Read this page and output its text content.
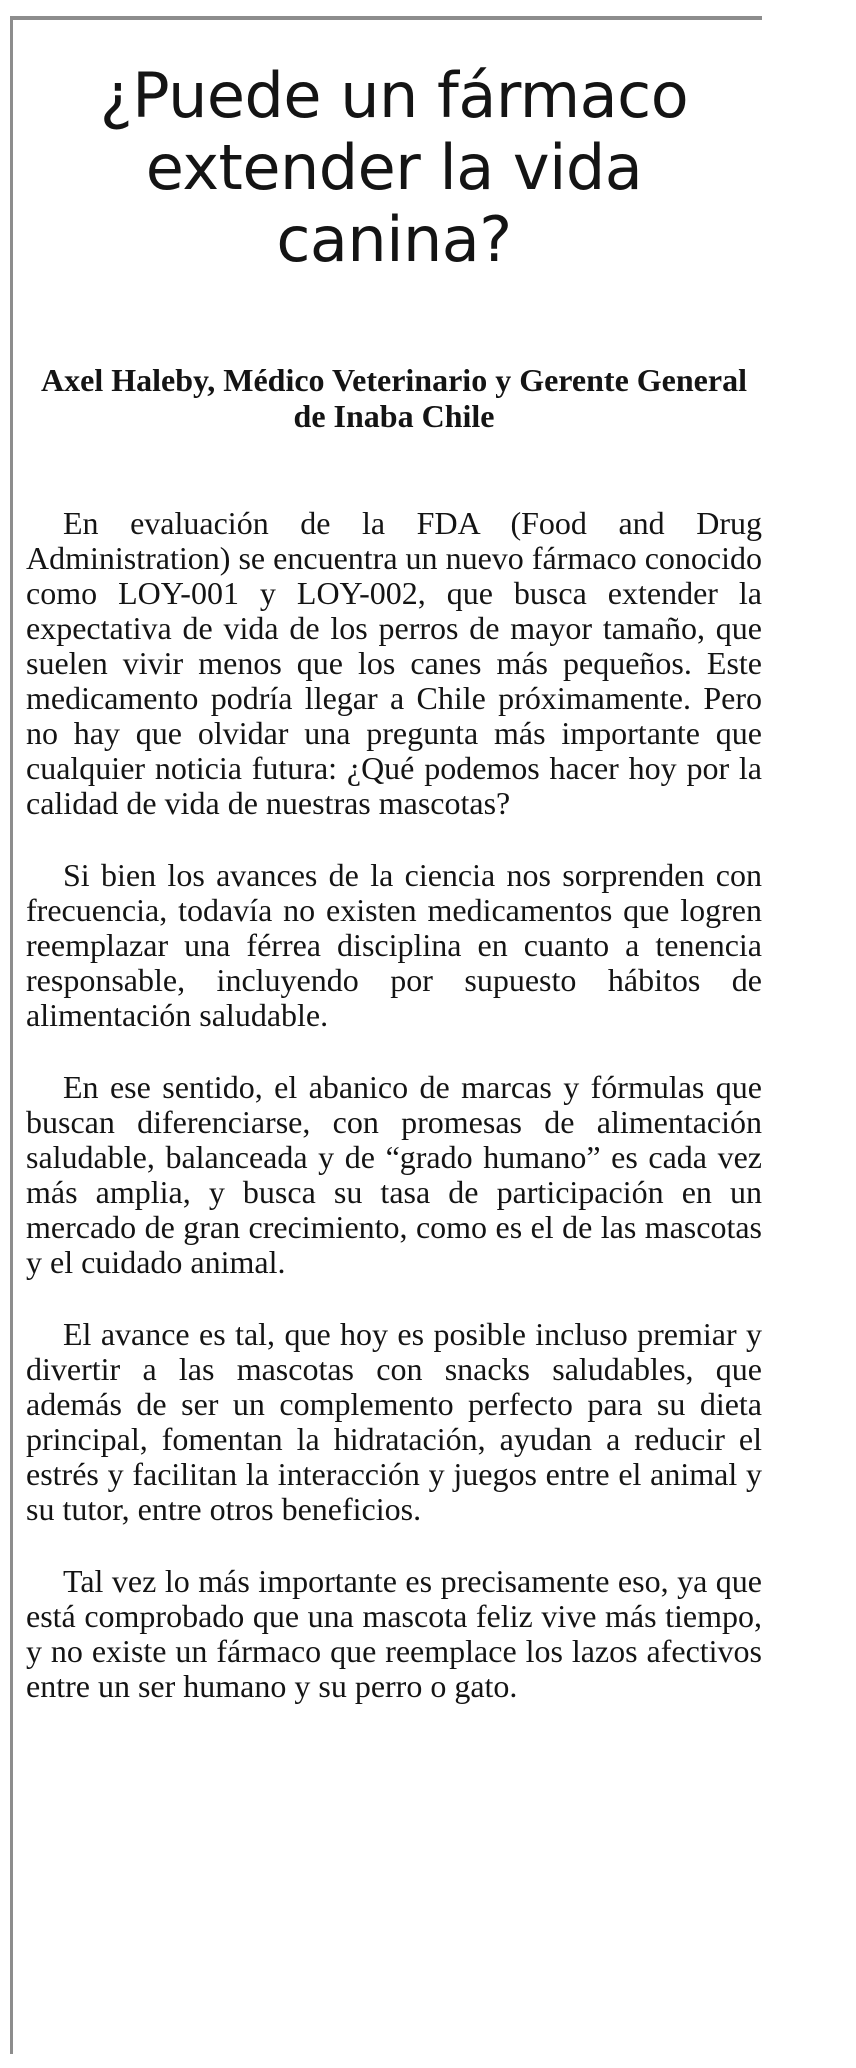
¿Puede un fármaco extender la vida canina?
Axel Haleby, Médico Veterinario y Gerente General de Inaba Chile

En evaluación de la FDA (Food and Drug Administration) se encuentra un nuevo fármaco conocido como LOY-001 y LOY-002, que busca extender la expectativa de vida de los perros de mayor tamaño, que suelen vivir menos que los canes más pequeños. Este medicamento podría llegar a Chile próximamente. Pero no hay que olvidar una pregunta más importante que cualquier noticia futura: ¿Qué podemos hacer hoy por la calidad de vida de nuestras mascotas?

Si bien los avances de la ciencia nos sorprenden con frecuencia, todavía no existen medicamentos que logren reemplazar una férrea disciplina en cuanto a tenencia responsable, incluyendo por supuesto hábitos de alimentación saludable.

En ese sentido, el abanico de marcas y fórmulas que buscan diferenciarse, con promesas de alimentación saludable, balanceada y de “grado humano” es cada vez más amplia, y busca su tasa de participación en un mercado de gran crecimiento, como es el de las mascotas y el cuidado animal.

El avance es tal, que hoy es posible incluso premiar y divertir a las mascotas con snacks saludables, que además de ser un complemento perfecto para su dieta principal, fomentan la hidratación, ayudan a reducir el estrés y facilitan la interacción y juegos entre el animal y su tutor, entre otros beneficios.

Tal vez lo más importante es precisamente eso, ya que está comprobado que una mascota feliz vive más tiempo, y no existe un fármaco que reemplace los lazos afectivos entre un ser humano y su perro o gato.
